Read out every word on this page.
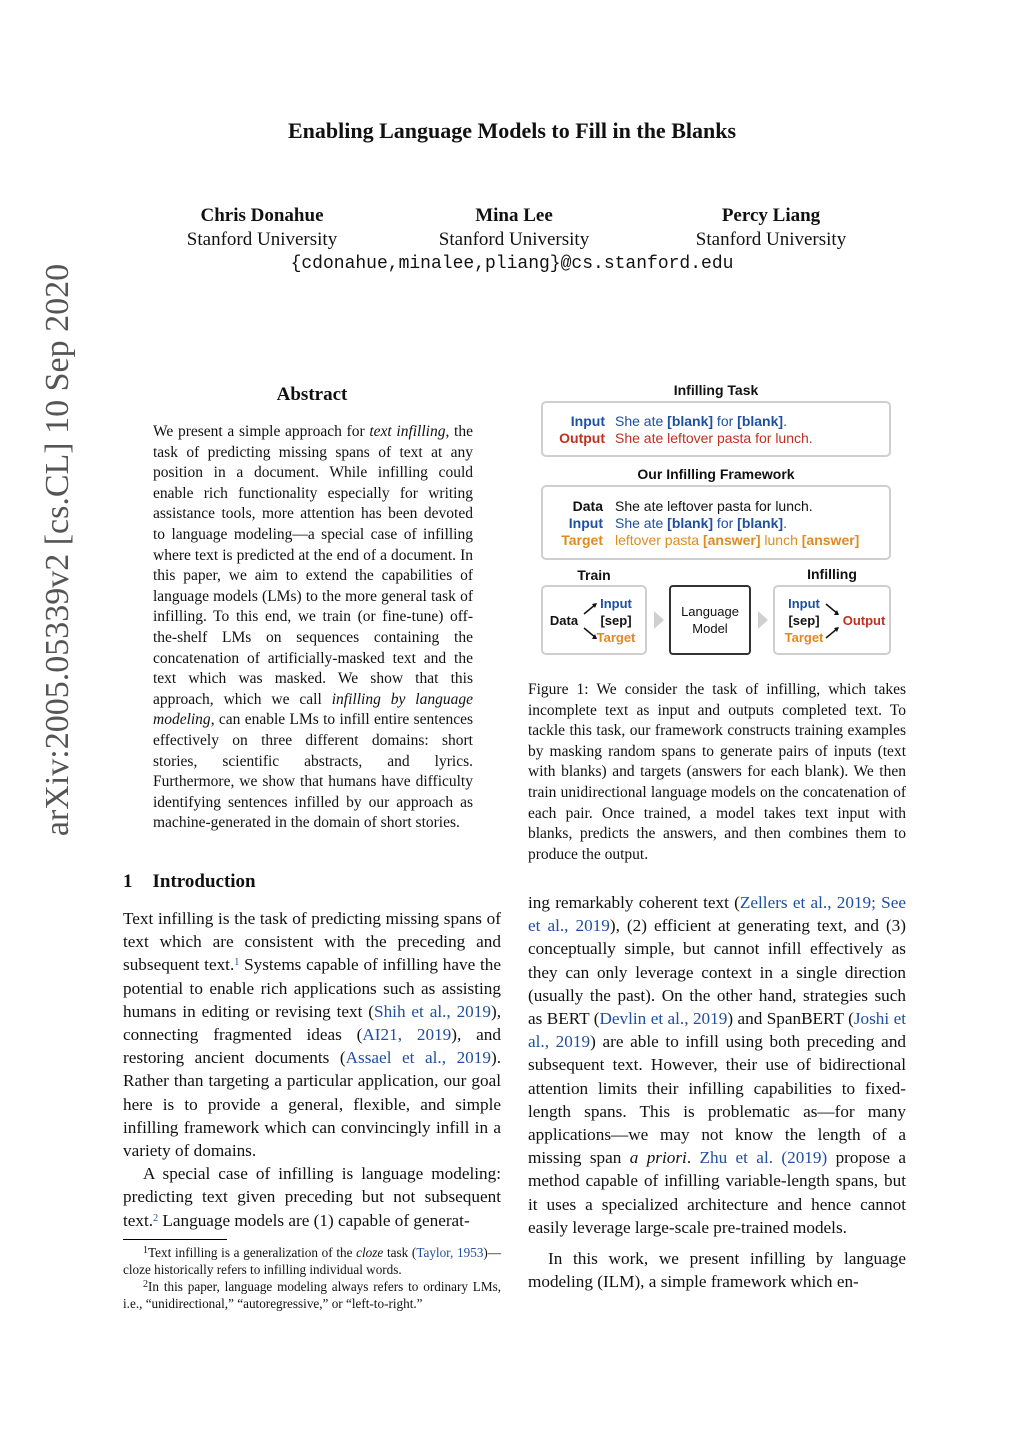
Enabling Language Models to Fill in the Blanks
Chris Donahue
Stanford University
Mina Lee
Stanford University
Percy Liang
Stanford University
{cdonahue,minalee,pliang}@cs.stanford.edu
arXiv:2005.05339v2 [cs.CL] 10 Sep 2020	Abstract
We present a simple approach for text infilling, the task of predicting missing spans of text at any position in a document. While infilling could enable rich functionality especially for writing assistance tools, more attention has been devoted to language modeling—a special case of infilling where text is predicted at the end of a document. In this paper, we aim to extend the capabilities of language models (LMs) to the more general task of infilling. To this end, we train (or fine-tune) off-the-shelf LMs on sequences containing the concatenation of artificially-masked text and the text which was masked. We show that this approach, which we call infilling by language modeling, can enable LMs to infill entire sentences effectively on three different domains: short stories, scientific abstracts, and lyrics. Furthermore, we show that humans have difficulty identifying sentences infilled by our approach as machine-generated in the domain of short stories.
1 Introduction

Text infilling is the task of predicting missing spans of text which are consistent with the preceding and subsequent text.$^1$ Systems capable of infilling have the potential to enable rich applications such as assisting humans in editing or revising text (Shih et al., 2019), connecting fragmented ideas (AI21, 2019), and restoring ancient documents (Assael et al., 2019). Rather than targeting a particular application, our goal here is to provide a general, flexible, and simple infilling framework which can convincingly infill in a variety of domains.

A special case of infilling is language modeling: predicting text given preceding but not subsequent text.$^2$ Language models are (1) capable of generat-

$^1$Text infilling is a generalization of the cloze task (Taylor, 1953)—cloze historically refers to infilling individual words.

$^2$In this paper, language modeling always refers to ordinary LMs, i.e., “unidirectional,” “autoregressive,” or “left-to-right.”

Infilling Task
Input She ate [blank] for [blank].
Output She ate leftover pasta for lunch.
Our Infilling Framework
Data She ate leftover pasta for lunch.
Input She ate [blank] for [blank].
Target leftover pasta [answer] lunch [answer]
Train	Infilling
Data
Input
[sep]
Target
Language
Model
Input
[sep]
Target
Output
Figure 1: We consider the task of infilling, which takes incomplete text as input and outputs completed text. To tackle this task, our framework constructs training examples by masking random spans to generate pairs of inputs (text with blanks) and targets (answers for each blank). We then train unidirectional language models on the concatenation of each pair. Once trained, a model takes text input with blanks, predicts the answers, and then combines them to produce the output.

ing remarkably coherent text (Zellers et al., 2019; See et al., 2019), (2) efficient at generating text, and (3) conceptually simple, but cannot infill effectively as they can only leverage context in a single direction (usually the past). On the other hand, strategies such as BERT (Devlin et al., 2019) and SpanBERT (Joshi et al., 2019) are able to infill using both preceding and subsequent text. However, their use of bidirectional attention limits their infilling capabilities to fixed-length spans. This is problematic as—for many applications—we may not know the length of a missing span a priori. Zhu et al. (2019) propose a method capable of infilling variable-length spans, but it uses a specialized architecture and hence cannot easily leverage large-scale pre-trained models.

In this work, we present infilling by language modeling (ILM), a simple framework which en-
